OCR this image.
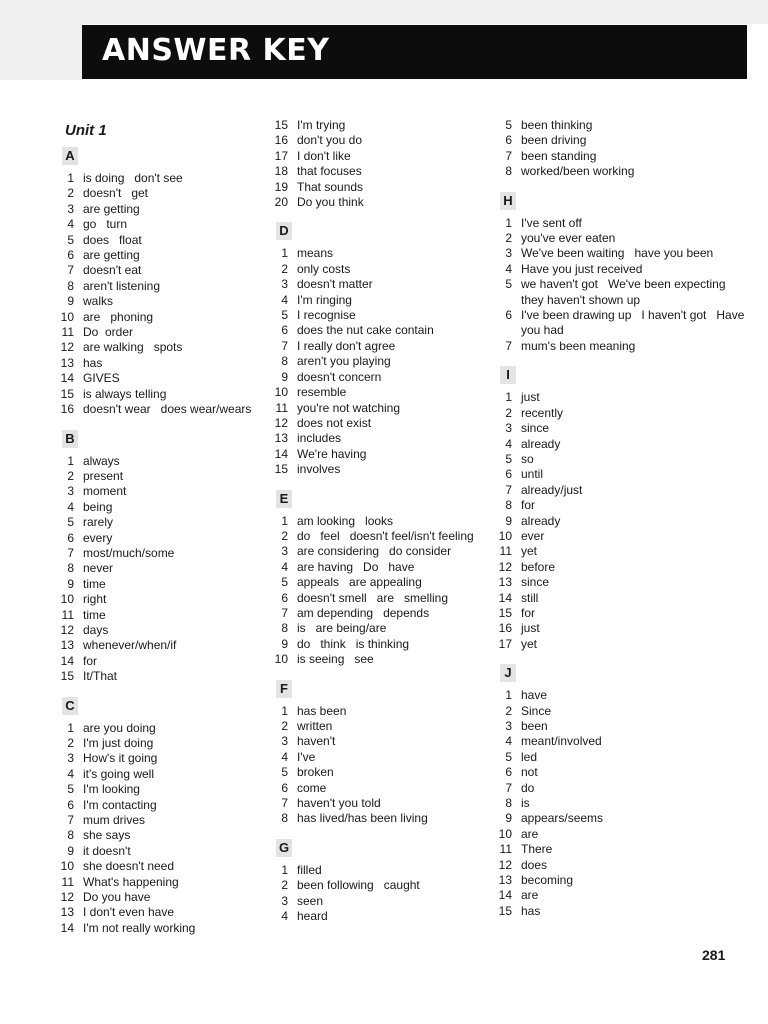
ANSWER KEY
Unit 1
A
1 is doing   don't see
2 doesn't   get
3 are getting
4 go   turn
5 does   float
6 are getting
7 doesn't eat
8 aren't listening
9 walks
10 are   phoning
11 Do  order
12 are walking   spots
13 has
14 GIVES
15 is always telling
16 doesn't wear   does wear/wears
B
1 always
2 present
3 moment
4 being
5 rarely
6 every
7 most/much/some
8 never
9 time
10 right
11 time
12 days
13 whenever/when/if
14 for
15 It/That
C
1 are you doing
2 I'm just doing
3 How's it going
4 it's going well
5 I'm looking
6 I'm contacting
7 mum drives
8 she says
9 it doesn't
10 she doesn't need
11 What's happening
12 Do you have
13 I don't even have
14 I'm not really working
15 I'm trying
16 don't you do
17 I don't like
18 that focuses
19 That sounds
20 Do you think
D
1 means
2 only costs
3 doesn't matter
4 I'm ringing
5 I recognise
6 does the nut cake contain
7 I really don't agree
8 aren't you playing
9 doesn't concern
10 resemble
11 you're not watching
12 does not exist
13 includes
14 We're having
15 involves
E
1 am looking   looks
2 do   feel   doesn't feel/isn't feeling
3 are considering   do consider
4 are having   Do   have
5 appeals   are appealing
6 doesn't smell   are   smelling
7 am depending   depends
8 is   are being/are
9 do   think   is thinking
10 is seeing   see
F
1 has been
2 written
3 haven't
4 I've
5 broken
6 come
7 haven't you told
8 has lived/has been living
G
1 filled
2 been following   caught
3 seen
4 heard
5 been thinking
6 been driving
7 been standing
8 worked/been working
H
1 I've sent off
2 you've ever eaten
3 We've been waiting   have you been
4 Have you just received
5 we haven't got   We've been expecting   they haven't shown up
6 I've been drawing up   I haven't got   Have you had
7 mum's been meaning
I
1 just
2 recently
3 since
4 already
5 so
6 until
7 already/just
8 for
9 already
10 ever
11 yet
12 before
13 since
14 still
15 for
16 just
17 yet
J
1 have
2 Since
3 been
4 meant/involved
5 led
6 not
7 do
8 is
9 appears/seems
10 are
11 There
12 does
13 becoming
14 are
15 has
281
